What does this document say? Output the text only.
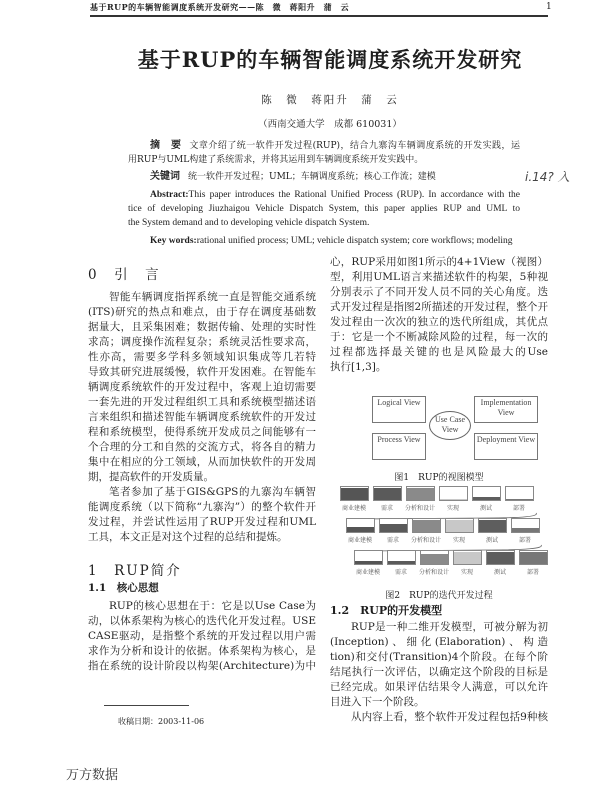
基于RUP的车辆智能调度系统开发研究——陈　微　蒋阳升　蒲　云	1
基于RUP的车辆智能调度系统开发研究
陈　微　蒋阳升　蒲　云
（西南交通大学　成都 610031）
摘　要 文章介绍了统一软件开发过程(RUP)，结合九寨沟车辆调度系统的开发实践，运
用RUP与UML构建了系统需求，并将其运用到车辆调度系统开发实践中。
关键词 统一软件开发过程；UML；车辆调度系统；核心工作流；建模	i.14? 入
Abstract:This paper introduces the Rational Unified Process (RUP). In accordance with the
tice of developing Jiuzhaigou Vehicle Dispatch System, this paper applies RUP and UML to
the System demand and to developing vehicle dispatch System.
Key words:rational unified process; UML; vehicle dispatch system; core workflows; modeling
0　引　言
智能车辆调度指挥系统一直是智能交通系统
(ITS)研究的热点和难点，由于存在调度基础数
据量大，且采集困难；数据传输、处理的实时性
求高；调度操作流程复杂；系统灵活性要求高，
性亦高，需要多学科多领域知识集成等几若特
导致其研究进展缓慢，软件开发困难。在智能车
辆调度系统软件的开发过程中，客观上迫切需要
一套先进的开发过程组织工具和系统模型描述语
言来组织和描述智能车辆调度系统软件的开发过
程和系统模型，使得系统开发成员之间能够有一
个合理的分工和自然的交流方式，将各自的精力
集中在相应的分工领域，从而加快软件的开发周
期，提高软件的开发质量。
笔者参加了基于GIS&GPS的九寨沟车辆智
能调度系统（以下简称“九寨沟”）的整个软件开
发过程，并尝试性运用了RUP开发过程和UML
工具，本文正是对这个过程的总结和提炼。
1　RUP简介
1.1　核心思想
RUP的核心思想在于：它是以Use Case为
动，以体系架构为核心的迭代化开发过程。USE
CASE驱动，是指整个系统的开发过程以用户需
求作为分析和设计的依据。体系架构为核心，是
指在系统的设计阶段以构架(Architecture)为中
收稿日期：2003-11-06
心，RUP采用如图1所示的4+1View（视图）
型，利用UML语言来描述软件的构架，5种视
分别表示了不同开发人员不同的关心角度。迭
式开发过程是指图2所描述的开发过程，整个开
发过程由一次次的独立的迭代所组成，其优点
于：它是一个不断减除风险的过程，每一次的
过程都选择最关键的也是风险最大的Use
执行[1,3]。
Logical View	Implementation View
Process View	Deployment View
Use Case View
图1　RUP的视图模型
商业建模	需求	分析和设计	实现	测试	部署
商业建模	需求	分析和设计	实现	测试	部署
商业建模	需求	分析和设计	实现	测试	部署
图2　RUP的迭代开发过程
1.2　RUP的开发模型
RUP是一种二维开发模型，可被分解为初
(Inception)、细化(Elaboration)、构造
tion)和交付(Transition)4个阶段。在每个阶
结尾执行一次评估，以确定这个阶段的目标是
已经完成。如果评估结果令人满意，可以允许
目进入下一个阶段。
从内容上看，整个软件开发过程包括9种核
万方数据
